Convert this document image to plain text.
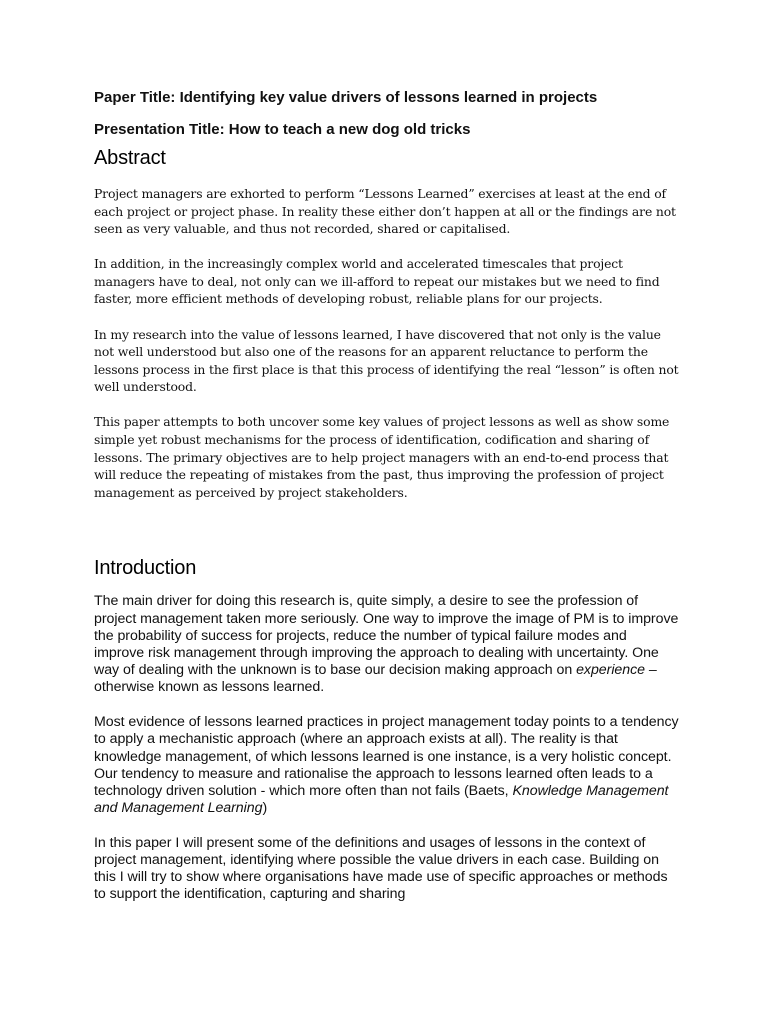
Paper Title: Identifying key value drivers of lessons learned in projects

Presentation Title: How to teach a new dog old tricks

Abstract

Project managers are exhorted to perform “Lessons Learned” exercises at least at the end of each project or project phase. In reality these either don’t happen at all or the findings are not seen as very valuable, and thus not recorded, shared or capitalised.

In addition, in the increasingly complex world and accelerated timescales that project managers have to deal, not only can we ill-afford to repeat our mistakes but we need to find faster, more efficient methods of developing robust, reliable plans for our projects.

In my research into the value of lessons learned, I have discovered that not only is the value not well understood but also one of the reasons for an apparent reluctance to perform the lessons process in the first place is that this process of identifying the real “lesson” is often not well understood.

This paper attempts to both uncover some key values of project lessons as well as show some simple yet robust mechanisms for the process of identification, codification and sharing of lessons. The primary objectives are to help project managers with an end-to-end process that will reduce the repeating of mistakes from the past, thus improving the profession of project management as perceived by project stakeholders.

Introduction

The main driver for doing this research is, quite simply, a desire to see the profession of project management taken more seriously. One way to improve the image of PM is to improve the probability of success for projects, reduce the number of typical failure modes and improve risk management through improving the approach to dealing with uncertainty. One way of dealing with the unknown is to base our decision making approach on experience – otherwise known as lessons learned.

Most evidence of lessons learned practices in project management today points to a tendency to apply a mechanistic approach (where an approach exists at all). The reality is that knowledge management, of which lessons learned is one instance, is a very holistic concept. Our tendency to measure and rationalise the approach to lessons learned often leads to a technology driven solution - which more often than not fails (Baets, Knowledge Management and Management Learning)

In this paper I will present some of the definitions and usages of lessons in the context of project management, identifying where possible the value drivers in each case. Building on this I will try to show where organisations have made use of specific approaches or methods to support the identification, capturing and sharing
